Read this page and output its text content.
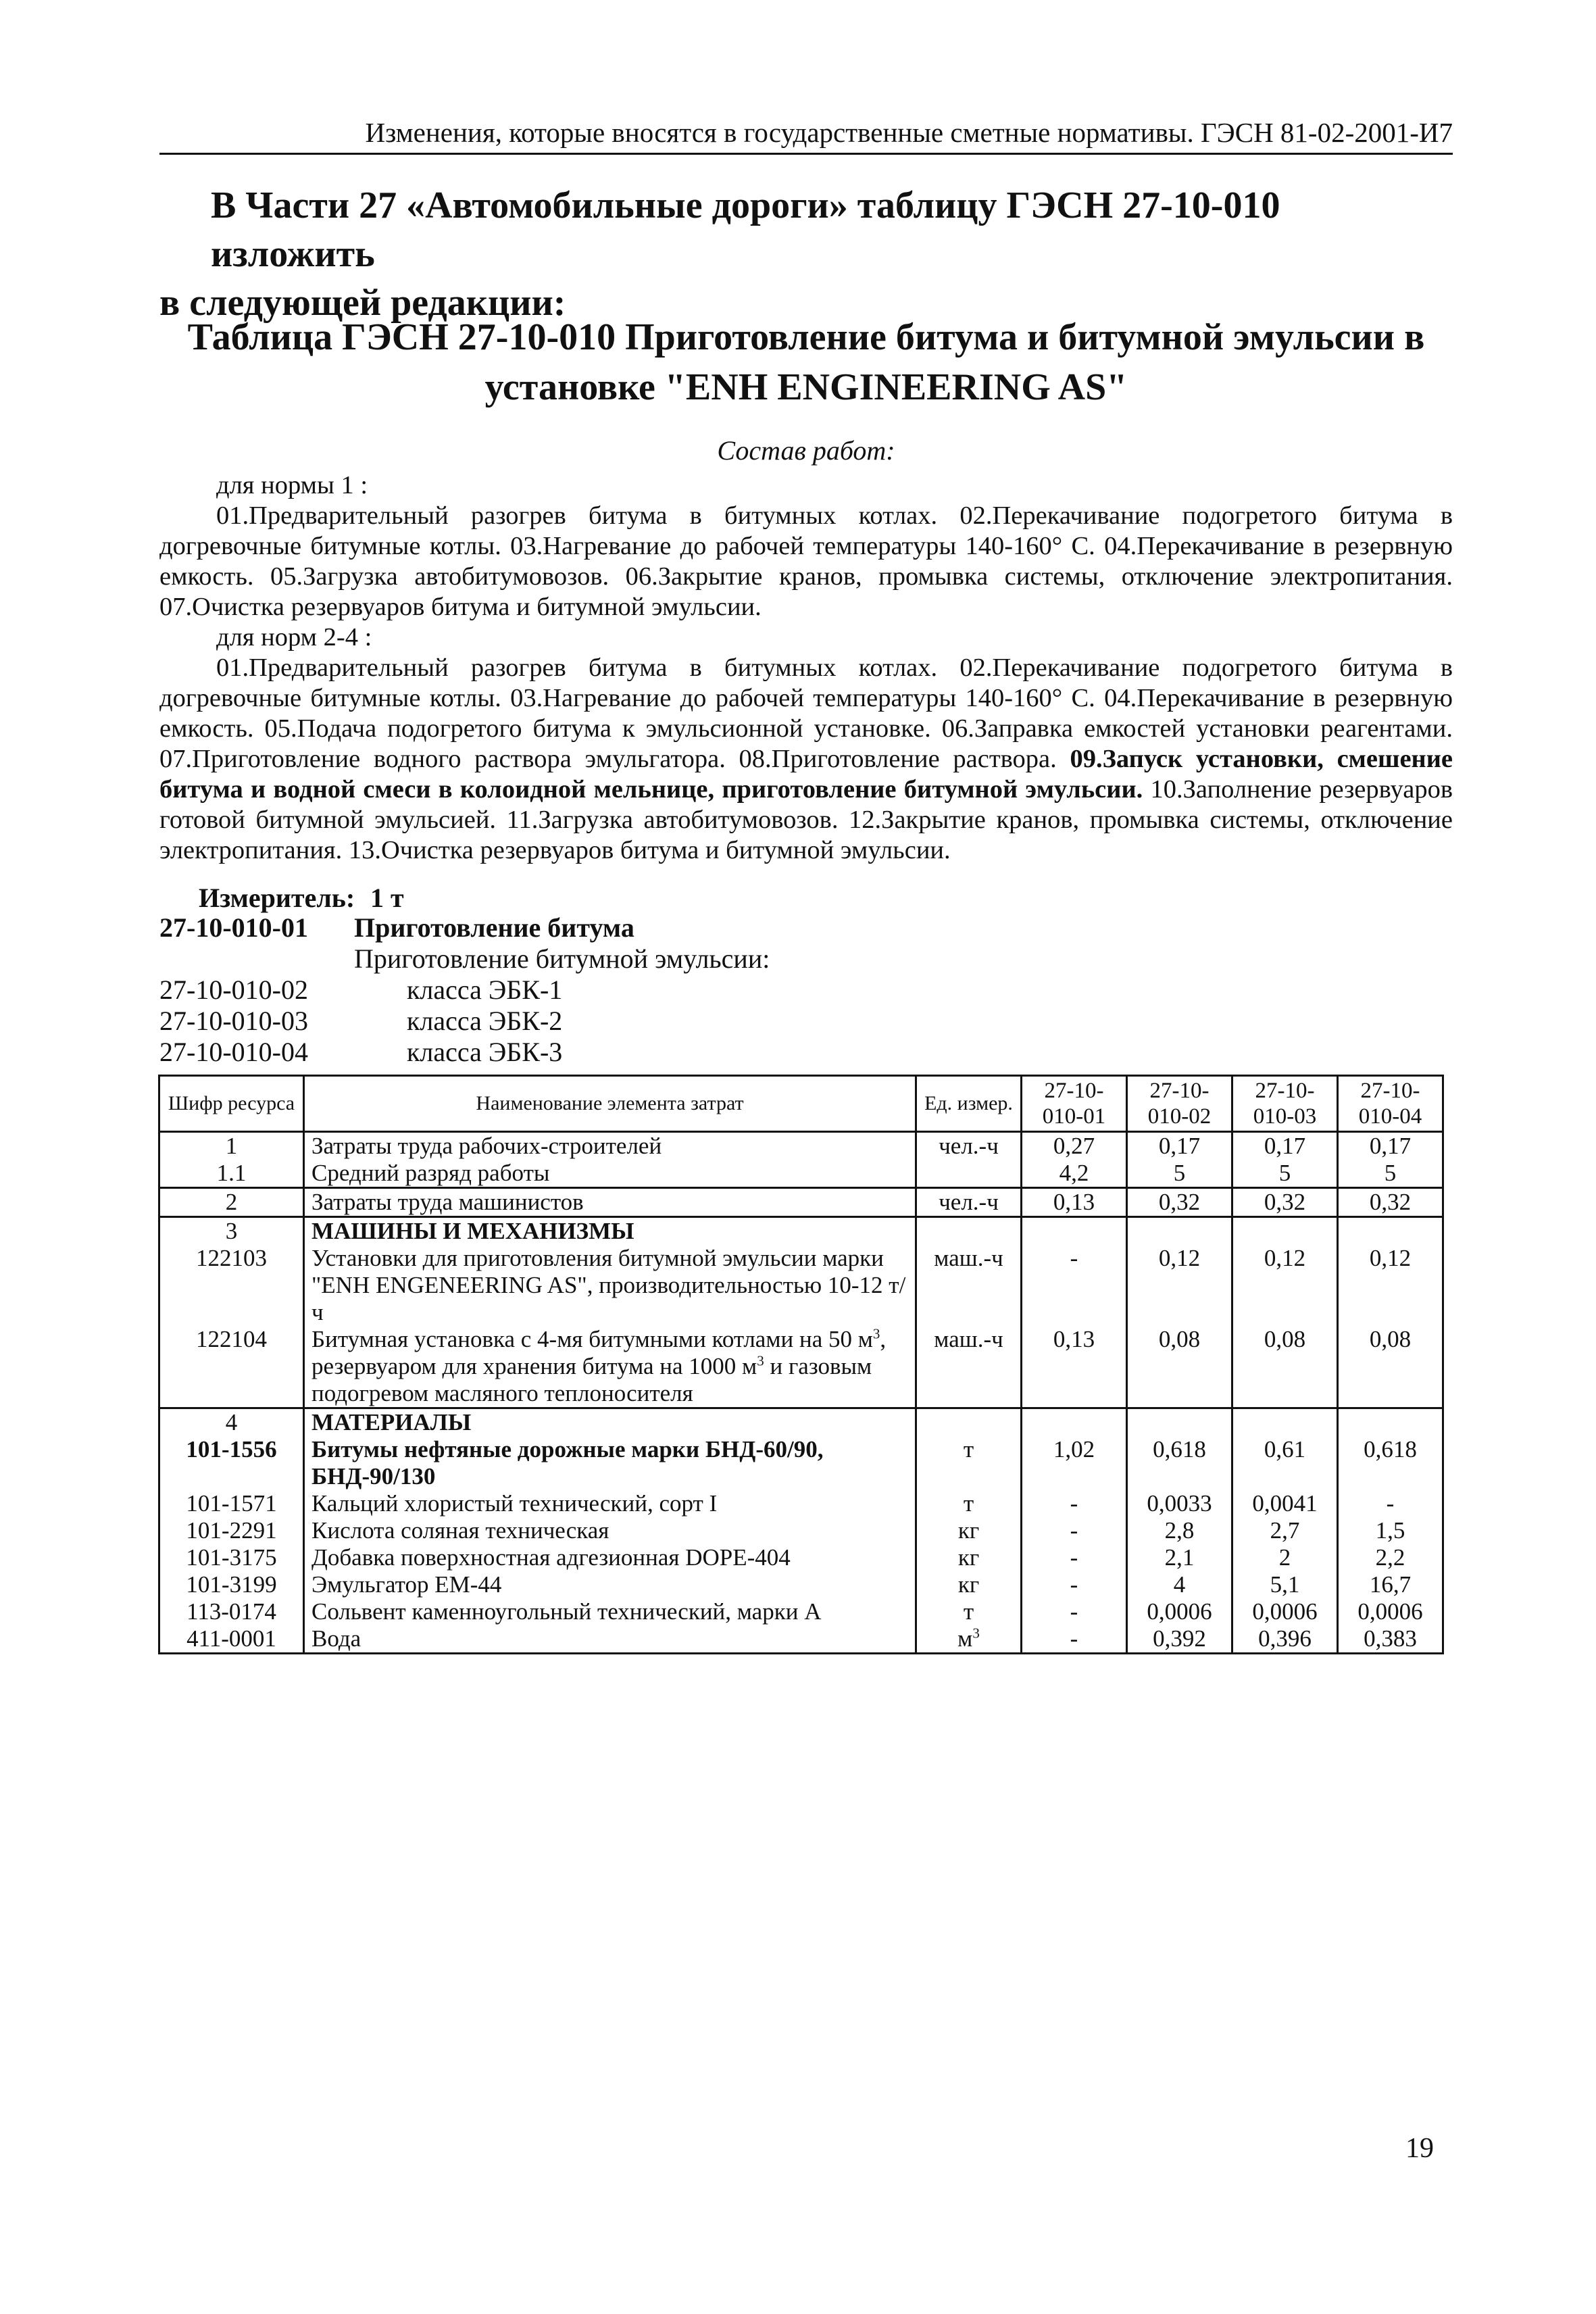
Изменения, которые вносятся в государственные сметные нормативы. ГЭСН 81-02-2001-И7
В Части 27 «Автомобильные дороги» таблицу ГЭСН 27-10-010 изложить
в следующей редакции:
Таблица ГЭСН 27-10-010 Приготовление битума и битумной эмульсии в
установке "ENH ENGINEERING AS"
Состав работ:

для нормы 1 :

01.Предварительный разогрев битума в битумных котлах. 02.Перекачивание подогретого битума в догревочные битумные котлы. 03.Нагревание до рабочей температуры 140-160° С. 04.Перекачивание в резервную емкость. 05.Загрузка автобитумовозов. 06.Закрытие кранов, промывка системы, отключение электропитания. 07.Очистка резервуаров битума и битумной эмульсии.

для норм 2-4 :

01.Предварительный разогрев битума в битумных котлах. 02.Перекачивание подогретого битума в догревочные битумные котлы. 03.Нагревание до рабочей температуры 140-160° С. 04.Перекачивание в резервную емкость. 05.Подача подогретого битума к эмульсионной установке. 06.Заправка емкостей установки реагентами. 07.Приготовление водного раствора эмульгатора. 08.Приготовление раствора. 09.Запуск установки, смешение битума и водной смеси в колоидной мельнице, приготовление битумной эмульсии. 10.Заполнение резервуаров готовой битумной эмульсией. 11.Загрузка автобитумовозов. 12.Закрытие кранов, промывка системы, отключение электропитания. 13.Очистка резервуаров битума и битумной эмульсии.

Измеритель: 1 т
27-10-010-01 Приготовление битума
Приготовление битумной эмульсии:
27-10-010-02	класса ЭБК-1
27-10-010-03	класса ЭБК-2
27-10-010-04	класса ЭБК-3
Шифр ресурса	Наименование элемента затрат	Ед. измер.	27-10- 010-01	27-10- 010-02	27-10- 010-03	27-10- 010-04
1	Затраты труда рабочих-строителей	чел.-ч	0,27	0,17	0,17	0,17
1.1	Средний разряд работы		4,2	5	5	5
2	Затраты труда машинистов	чел.-ч	0,13	0,32	0,32	0,32
3	МАШИНЫ И МЕХАНИЗМЫ					
122103	Установки для приготовления битумной эмульсии марки "ENH ENGENEERING AS", производительностью 10-12 т/ч	маш.-ч	-	0,12	0,12	0,12
122104	Битумная установка с 4-мя битумными котлами на 50 $м^3$, резервуаром для хранения битума на 1000 $м^3$ и газовым подогревом масляного теплоносителя	маш.-ч	0,13	0,08	0,08	0,08
4	МАТЕРИАЛЫ					
101-1556	Битумы нефтяные дорожные марки БНД-60/90, БНД-90/130	т	1,02	0,618	0,61	0,618
101-1571	Кальций хлористый технический, сорт I	т	-	0,0033	0,0041	-
101-2291	Кислота соляная техническая	кг	-	2,8	2,7	1,5
101-3175	Добавка поверхностная адгезионная DOPE-404	кг	-	2,1	2	2,2
101-3199	Эмульгатор ЕМ-44	кг	-	4	5,1	16,7
113-0174	Сольвент каменноугольный технический, марки А	т	-	0,0006	0,0006	0,0006
411-0001	Вода	$м^3$	-	0,392	0,396	0,383
19
